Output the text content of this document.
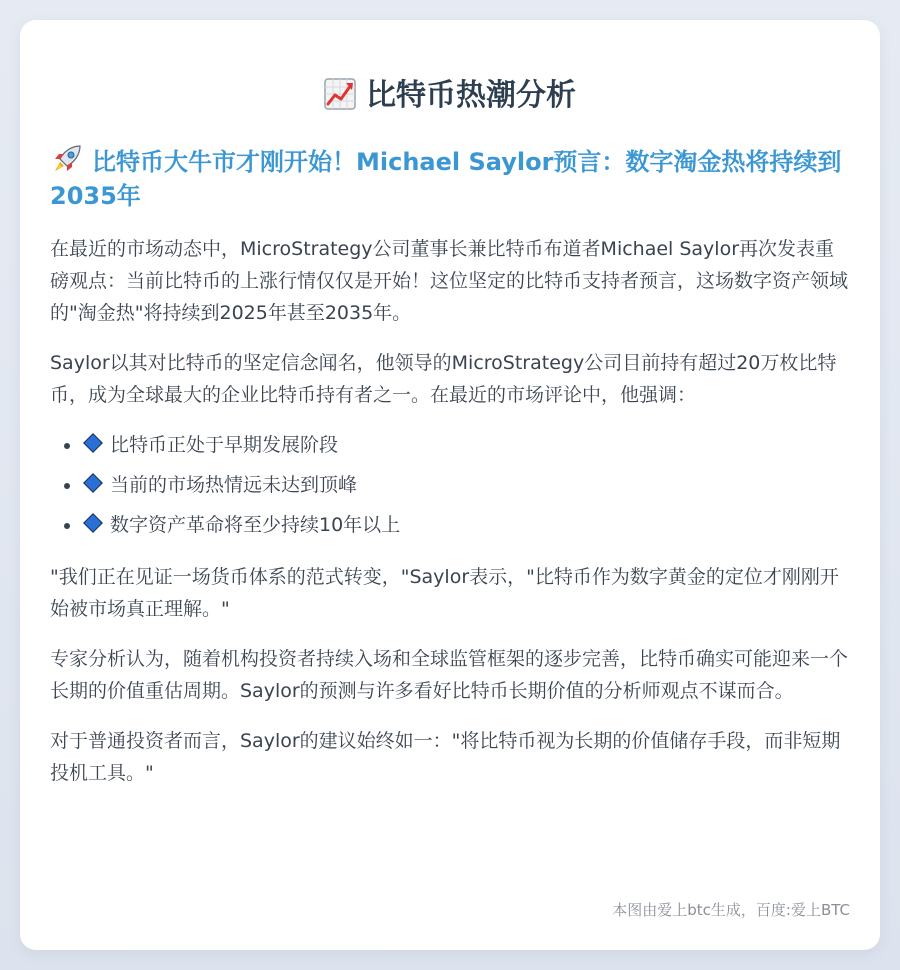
比特币热潮分析
比特币大牛市才刚开始！Michael Saylor预言：数字淘金热将持续到2035年

在最近的市场动态中，MicroStrategy公司董事长兼比特币布道者Michael Saylor再次发表重磅观点：当前比特币的上涨行情仅仅是开始！这位坚定的比特币支持者预言，这场数字资产领域的"淘金热"将持续到2025年甚至2035年。

Saylor以其对比特币的坚定信念闻名，他领导的MicroStrategy公司目前持有超过20万枚比特币，成为全球最大的企业比特币持有者之一。在最近的市场评论中，他强调：

• 比特币正处于早期发展阶段
• 当前的市场热情远未达到顶峰
• 数字资产革命将至少持续10年以上

"我们正在见证一场货币体系的范式转变，"Saylor表示，"比特币作为数字黄金的定位才刚刚开始被市场真正理解。"

专家分析认为，随着机构投资者持续入场和全球监管框架的逐步完善，比特币确实可能迎来一个长期的价值重估周期。Saylor的预测与许多看好比特币长期价值的分析师观点不谋而合。

对于普通投资者而言，Saylor的建议始终如一："将比特币视为长期的价值储存手段，而非短期投机工具。"

本图由爱上btc生成，百度:爱上BTC
